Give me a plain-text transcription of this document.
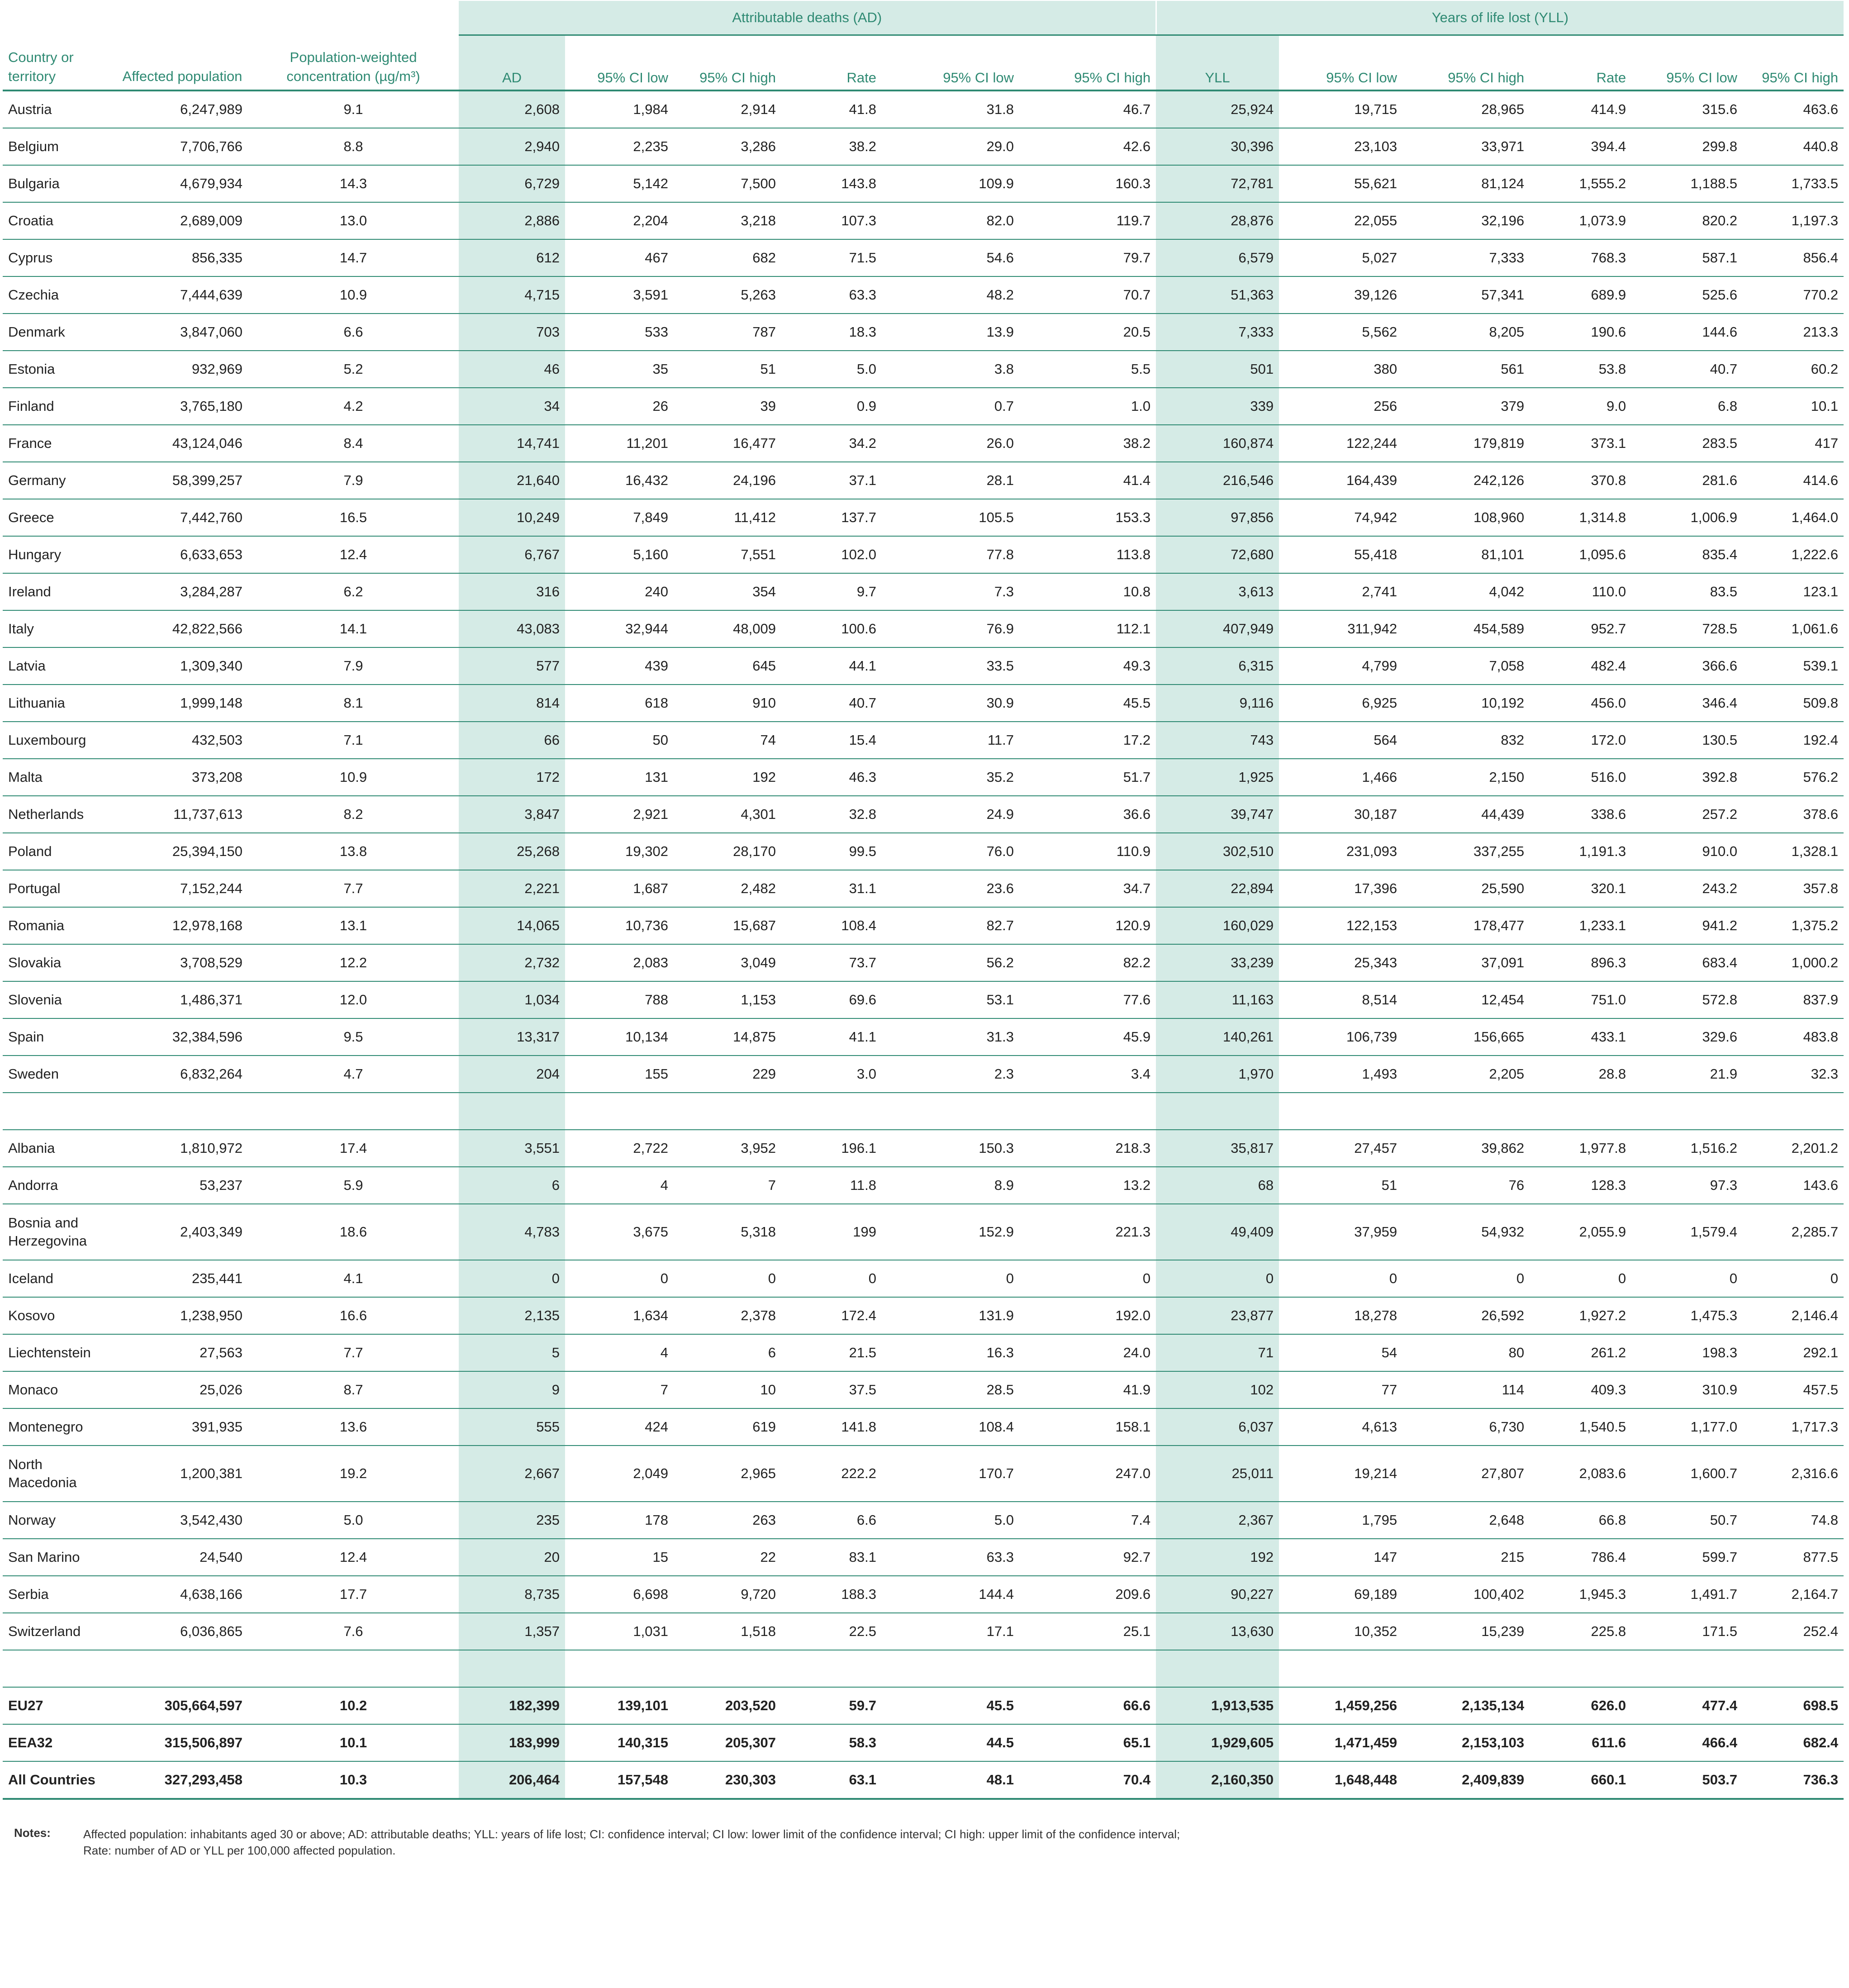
			Attributable deaths (AD)						Years of life lost (YLL)					
Country or territory	Affected population	Population-weighted concentration (µg/m³)	AD	95% CI low	95% CI high	Rate	95% CI low	95% CI high	YLL	95% CI low	95% CI high	Rate	95% CI low	95% CI high
Austria	6,247,989	9.1	2,608	1,984	2,914	41.8	31.8	46.7	25,924	19,715	28,965	414.9	315.6	463.6
Belgium	7,706,766	8.8	2,940	2,235	3,286	38.2	29.0	42.6	30,396	23,103	33,971	394.4	299.8	440.8
Bulgaria	4,679,934	14.3	6,729	5,142	7,500	143.8	109.9	160.3	72,781	55,621	81,124	1,555.2	1,188.5	1,733.5
Croatia	2,689,009	13.0	2,886	2,204	3,218	107.3	82.0	119.7	28,876	22,055	32,196	1,073.9	820.2	1,197.3
Cyprus	856,335	14.7	612	467	682	71.5	54.6	79.7	6,579	5,027	7,333	768.3	587.1	856.4
Czechia	7,444,639	10.9	4,715	3,591	5,263	63.3	48.2	70.7	51,363	39,126	57,341	689.9	525.6	770.2
Denmark	3,847,060	6.6	703	533	787	18.3	13.9	20.5	7,333	5,562	8,205	190.6	144.6	213.3
Estonia	932,969	5.2	46	35	51	5.0	3.8	5.5	501	380	561	53.8	40.7	60.2
Finland	3,765,180	4.2	34	26	39	0.9	0.7	1.0	339	256	379	9.0	6.8	10.1
France	43,124,046	8.4	14,741	11,201	16,477	34.2	26.0	38.2	160,874	122,244	179,819	373.1	283.5	417
Germany	58,399,257	7.9	21,640	16,432	24,196	37.1	28.1	41.4	216,546	164,439	242,126	370.8	281.6	414.6
Greece	7,442,760	16.5	10,249	7,849	11,412	137.7	105.5	153.3	97,856	74,942	108,960	1,314.8	1,006.9	1,464.0
Hungary	6,633,653	12.4	6,767	5,160	7,551	102.0	77.8	113.8	72,680	55,418	81,101	1,095.6	835.4	1,222.6
Ireland	3,284,287	6.2	316	240	354	9.7	7.3	10.8	3,613	2,741	4,042	110.0	83.5	123.1
Italy	42,822,566	14.1	43,083	32,944	48,009	100.6	76.9	112.1	407,949	311,942	454,589	952.7	728.5	1,061.6
Latvia	1,309,340	7.9	577	439	645	44.1	33.5	49.3	6,315	4,799	7,058	482.4	366.6	539.1
Lithuania	1,999,148	8.1	814	618	910	40.7	30.9	45.5	9,116	6,925	10,192	456.0	346.4	509.8
Luxembourg	432,503	7.1	66	50	74	15.4	11.7	17.2	743	564	832	172.0	130.5	192.4
Malta	373,208	10.9	172	131	192	46.3	35.2	51.7	1,925	1,466	2,150	516.0	392.8	576.2
Netherlands	11,737,613	8.2	3,847	2,921	4,301	32.8	24.9	36.6	39,747	30,187	44,439	338.6	257.2	378.6
Poland	25,394,150	13.8	25,268	19,302	28,170	99.5	76.0	110.9	302,510	231,093	337,255	1,191.3	910.0	1,328.1
Portugal	7,152,244	7.7	2,221	1,687	2,482	31.1	23.6	34.7	22,894	17,396	25,590	320.1	243.2	357.8
Romania	12,978,168	13.1	14,065	10,736	15,687	108.4	82.7	120.9	160,029	122,153	178,477	1,233.1	941.2	1,375.2
Slovakia	3,708,529	12.2	2,732	2,083	3,049	73.7	56.2	82.2	33,239	25,343	37,091	896.3	683.4	1,000.2
Slovenia	1,486,371	12.0	1,034	788	1,153	69.6	53.1	77.6	11,163	8,514	12,454	751.0	572.8	837.9
Spain	32,384,596	9.5	13,317	10,134	14,875	41.1	31.3	45.9	140,261	106,739	156,665	433.1	329.6	483.8
Sweden	6,832,264	4.7	204	155	229	3.0	2.3	3.4	1,970	1,493	2,205	28.8	21.9	32.3

Albania	1,810,972	17.4	3,551	2,722	3,952	196.1	150.3	218.3	35,817	27,457	39,862	1,977.8	1,516.2	2,201.2
Andorra	53,237	5.9	6	4	7	11.8	8.9	13.2	68	51	76	128.3	97.3	143.6
Bosnia and Herzegovina	2,403,349	18.6	4,783	3,675	5,318	199	152.9	221.3	49,409	37,959	54,932	2,055.9	1,579.4	2,285.7
Iceland	235,441	4.1	0	0	0	0	0	0	0	0	0	0	0	0
Kosovo	1,238,950	16.6	2,135	1,634	2,378	172.4	131.9	192.0	23,877	18,278	26,592	1,927.2	1,475.3	2,146.4
Liechtenstein	27,563	7.7	5	4	6	21.5	16.3	24.0	71	54	80	261.2	198.3	292.1
Monaco	25,026	8.7	9	7	10	37.5	28.5	41.9	102	77	114	409.3	310.9	457.5
Montenegro	391,935	13.6	555	424	619	141.8	108.4	158.1	6,037	4,613	6,730	1,540.5	1,177.0	1,717.3
North Macedonia	1,200,381	19.2	2,667	2,049	2,965	222.2	170.7	247.0	25,011	19,214	27,807	2,083.6	1,600.7	2,316.6
Norway	3,542,430	5.0	235	178	263	6.6	5.0	7.4	2,367	1,795	2,648	66.8	50.7	74.8
San Marino	24,540	12.4	20	15	22	83.1	63.3	92.7	192	147	215	786.4	599.7	877.5
Serbia	4,638,166	17.7	8,735	6,698	9,720	188.3	144.4	209.6	90,227	69,189	100,402	1,945.3	1,491.7	2,164.7
Switzerland	6,036,865	7.6	1,357	1,031	1,518	22.5	17.1	25.1	13,630	10,352	15,239	225.8	171.5	252.4

EU27	305,664,597	10.2	182,399	139,101	203,520	59.7	45.5	66.6	1,913,535	1,459,256	2,135,134	626.0	477.4	698.5
EEA32	315,506,897	10.1	183,999	140,315	205,307	58.3	44.5	65.1	1,929,605	1,471,459	2,153,103	611.6	466.4	682.4
All Countries	327,293,458	10.3	206,464	157,548	230,303	63.1	48.1	70.4	2,160,350	1,648,448	2,409,839	660.1	503.7	736.3
Notes:	Affected population: inhabitants aged 30 or above; AD: attributable deaths; YLL: years of life lost; CI: confidence interval; CI low: lower limit of the confidence interval; CI high: upper limit of the confidence interval;
Rate: number of AD or YLL per 100,000 affected population.
